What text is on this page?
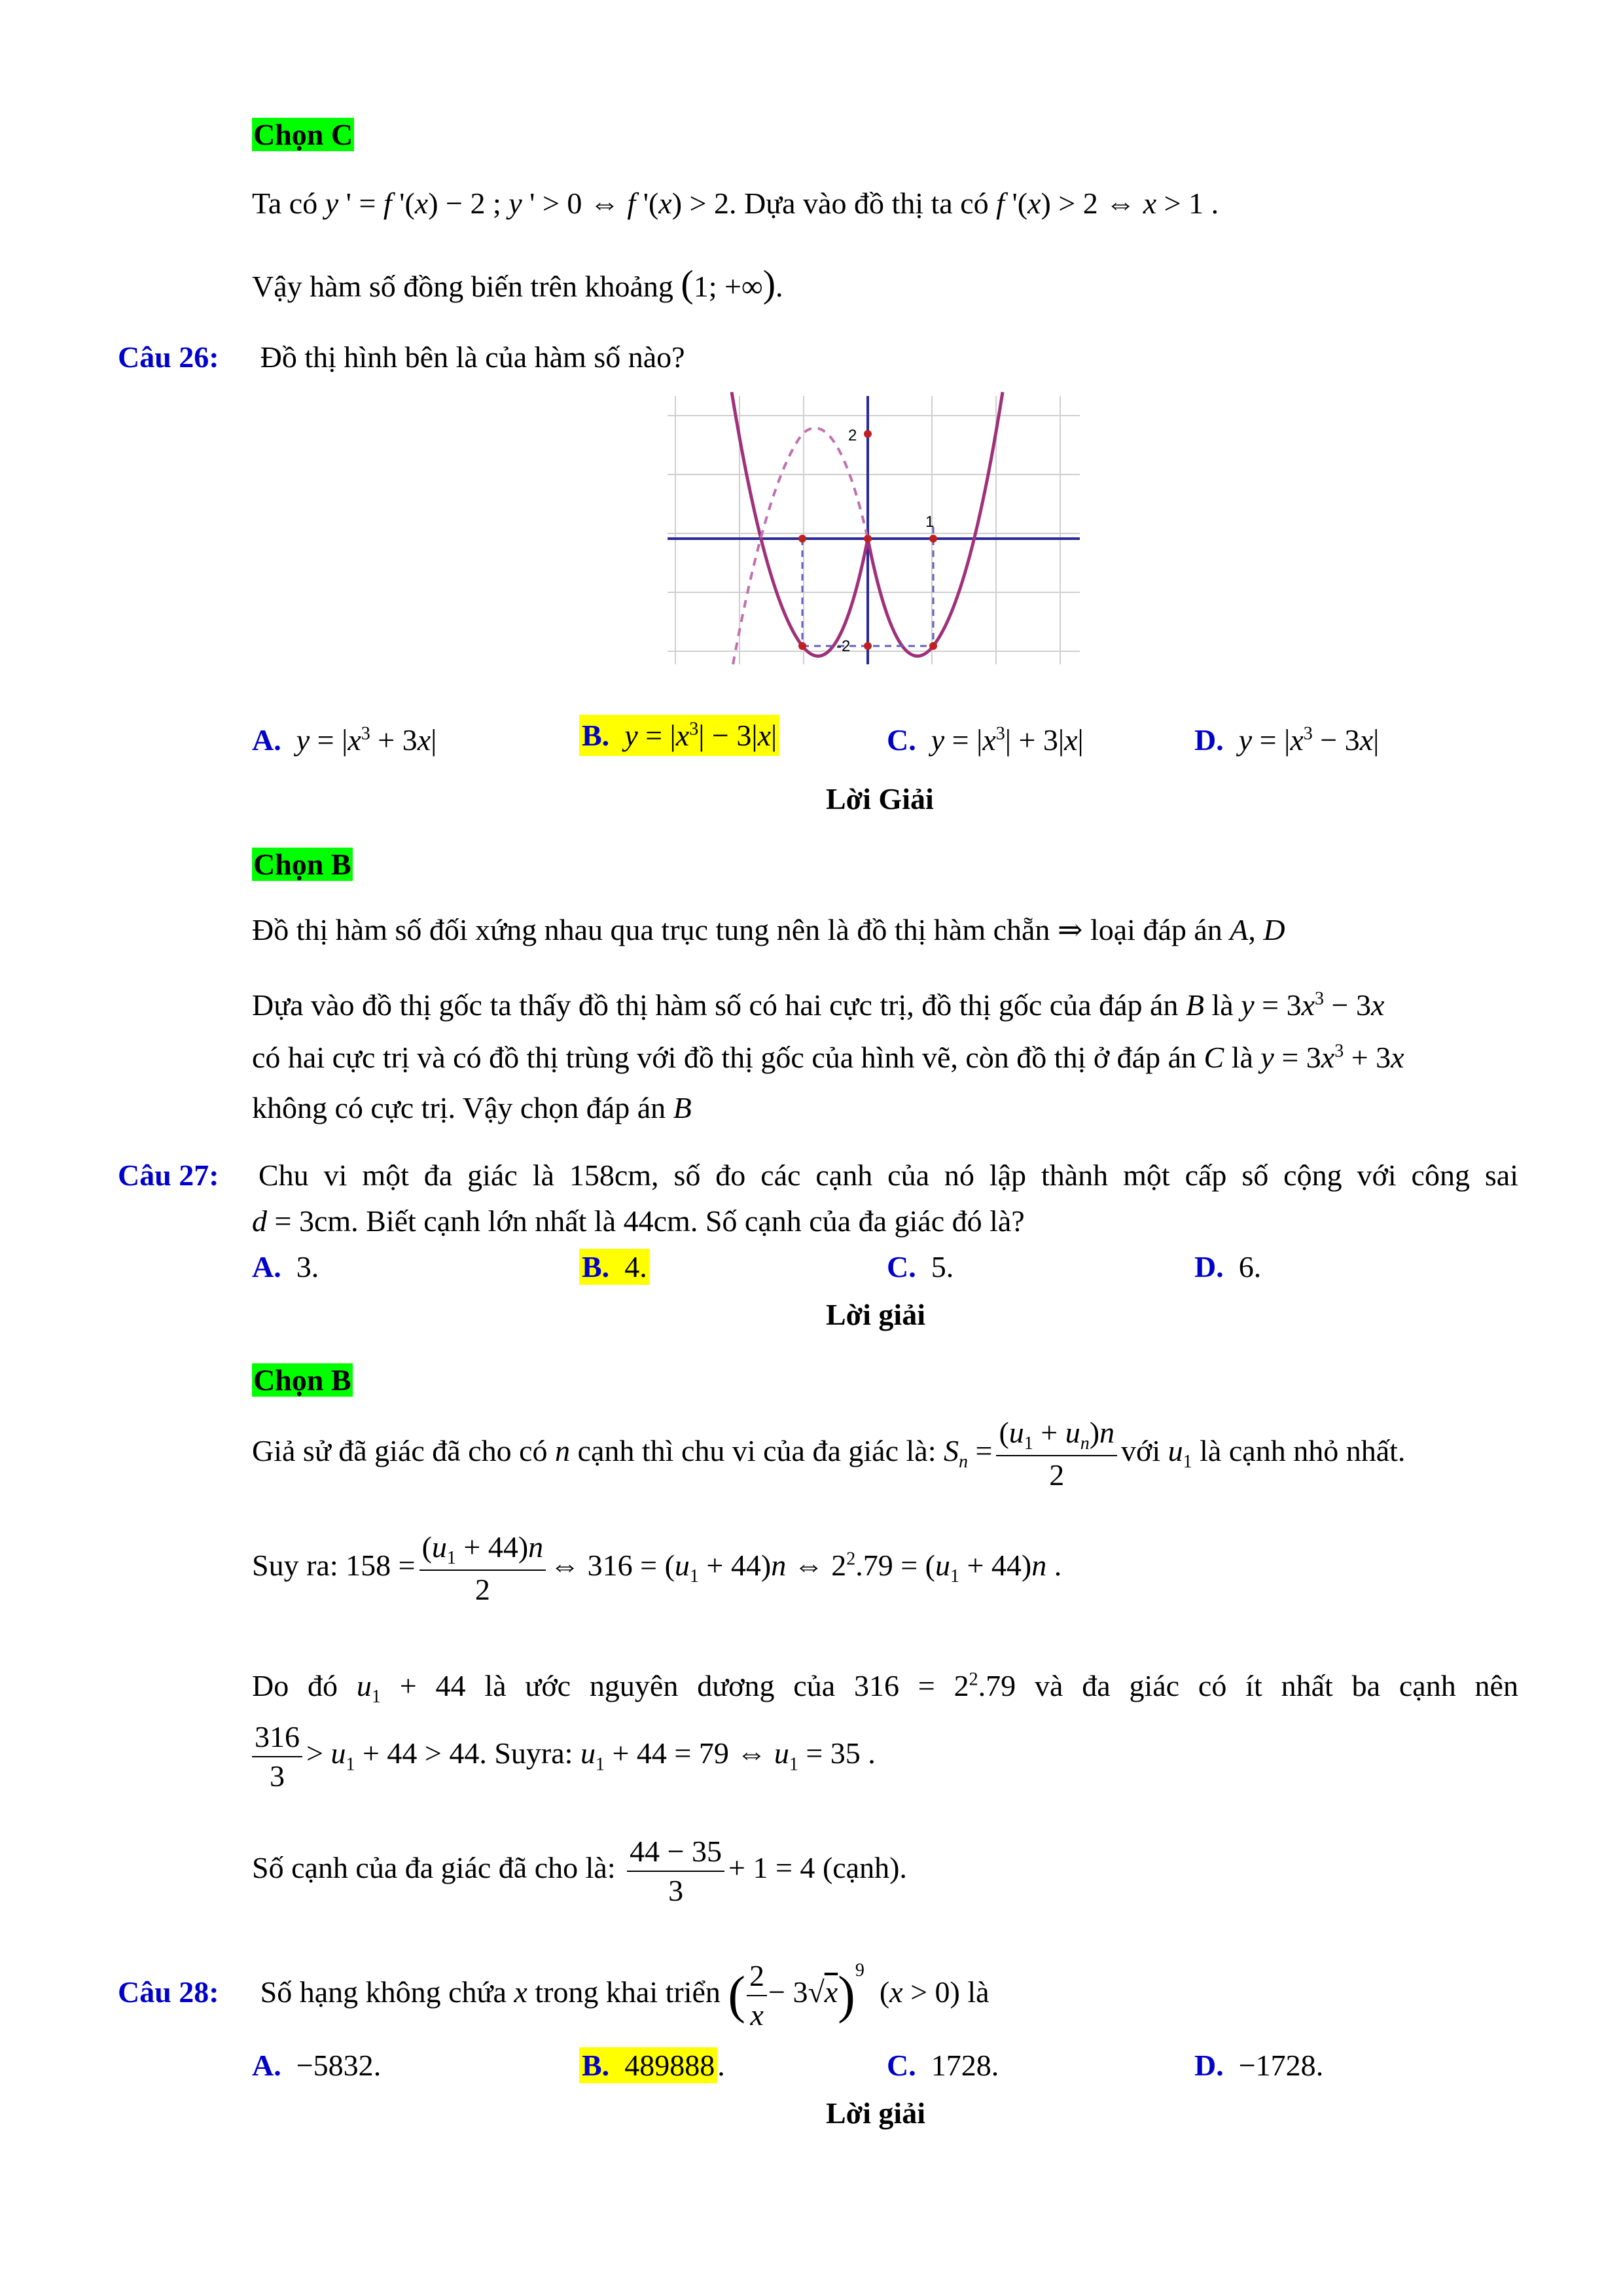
Chọn C
Ta có y ' = f '(x) − 2 ; y ' > 0 ⇔ f '(x) > 2. Dựa vào đồ thị ta có f '(x) > 2 ⇔ x > 1 .
Vậy hàm số đồng biến trên khoảng (1; +∞).
Câu 26: Đồ thị hình bên là của hàm số nào?
2
1
-2
A. $y = |x^3 + 3x|$	B. $y = |x^3| - 3|x|$	C. $y = |x^3| + 3|x|$	D. $y = |x^3 - 3x|$
Lời Giải
Chọn B
Đồ thị hàm số đối xứng nhau qua trục tung nên là đồ thị hàm chẵn ⇒ loại đáp án A, D
Dựa vào đồ thị gốc ta thấy đồ thị hàm số có hai cực trị, đồ thị gốc của đáp án B là $y = 3x^3 - 3x$
có hai cực trị và có đồ thị trùng với đồ thị gốc của hình vẽ, còn đồ thị ở đáp án C là $y = 3x^3 + 3x$
không có cực trị. Vậy chọn đáp án B
Câu 27: Chu vi một đa giác là 158cm, số đo các cạnh của nó lập thành một cấp số cộng với công sai
d = 3cm. Biết cạnh lớn nhất là 44cm. Số cạnh của đa giác đó là?
A. 3.	B. 4.	C. 5.	D. 6.
Lời giải
Chọn B
Giả sử đã giác đã cho có n cạnh thì chu vi của đa giác là: $S_n = \frac{(u_1 + u_n)n}{2}$ với $u_1$ là cạnh nhỏ nhất.
Suy ra: $158 = \frac{(u_1 + 44)n}{2}$ ⇔ $316 = (u_1 + 44)n$ ⇔ $2^2.79 = (u_1 + 44)n$ .
Do đó $u_1 + 44$ là ước nguyên dương của $316 = 2^2.79$ và đa giác có ít nhất ba cạnh nên
$\frac{316}{3} > u_1 + 44 > 44$. Suyra: $u_1 + 44 = 79$ ⇔ $u_1 = 35$ .
Số cạnh của đa giác đã cho là: $\frac{44 - 35}{3} + 1 = 4$ (cạnh).
Câu 28: Số hạng không chứa x trong khai triển ( $\frac{2}{x} - 3√x)^9$  (x > 0) là
A. −5832.	B. 489888.	C. 1728.	D. −1728.
Lời giải
